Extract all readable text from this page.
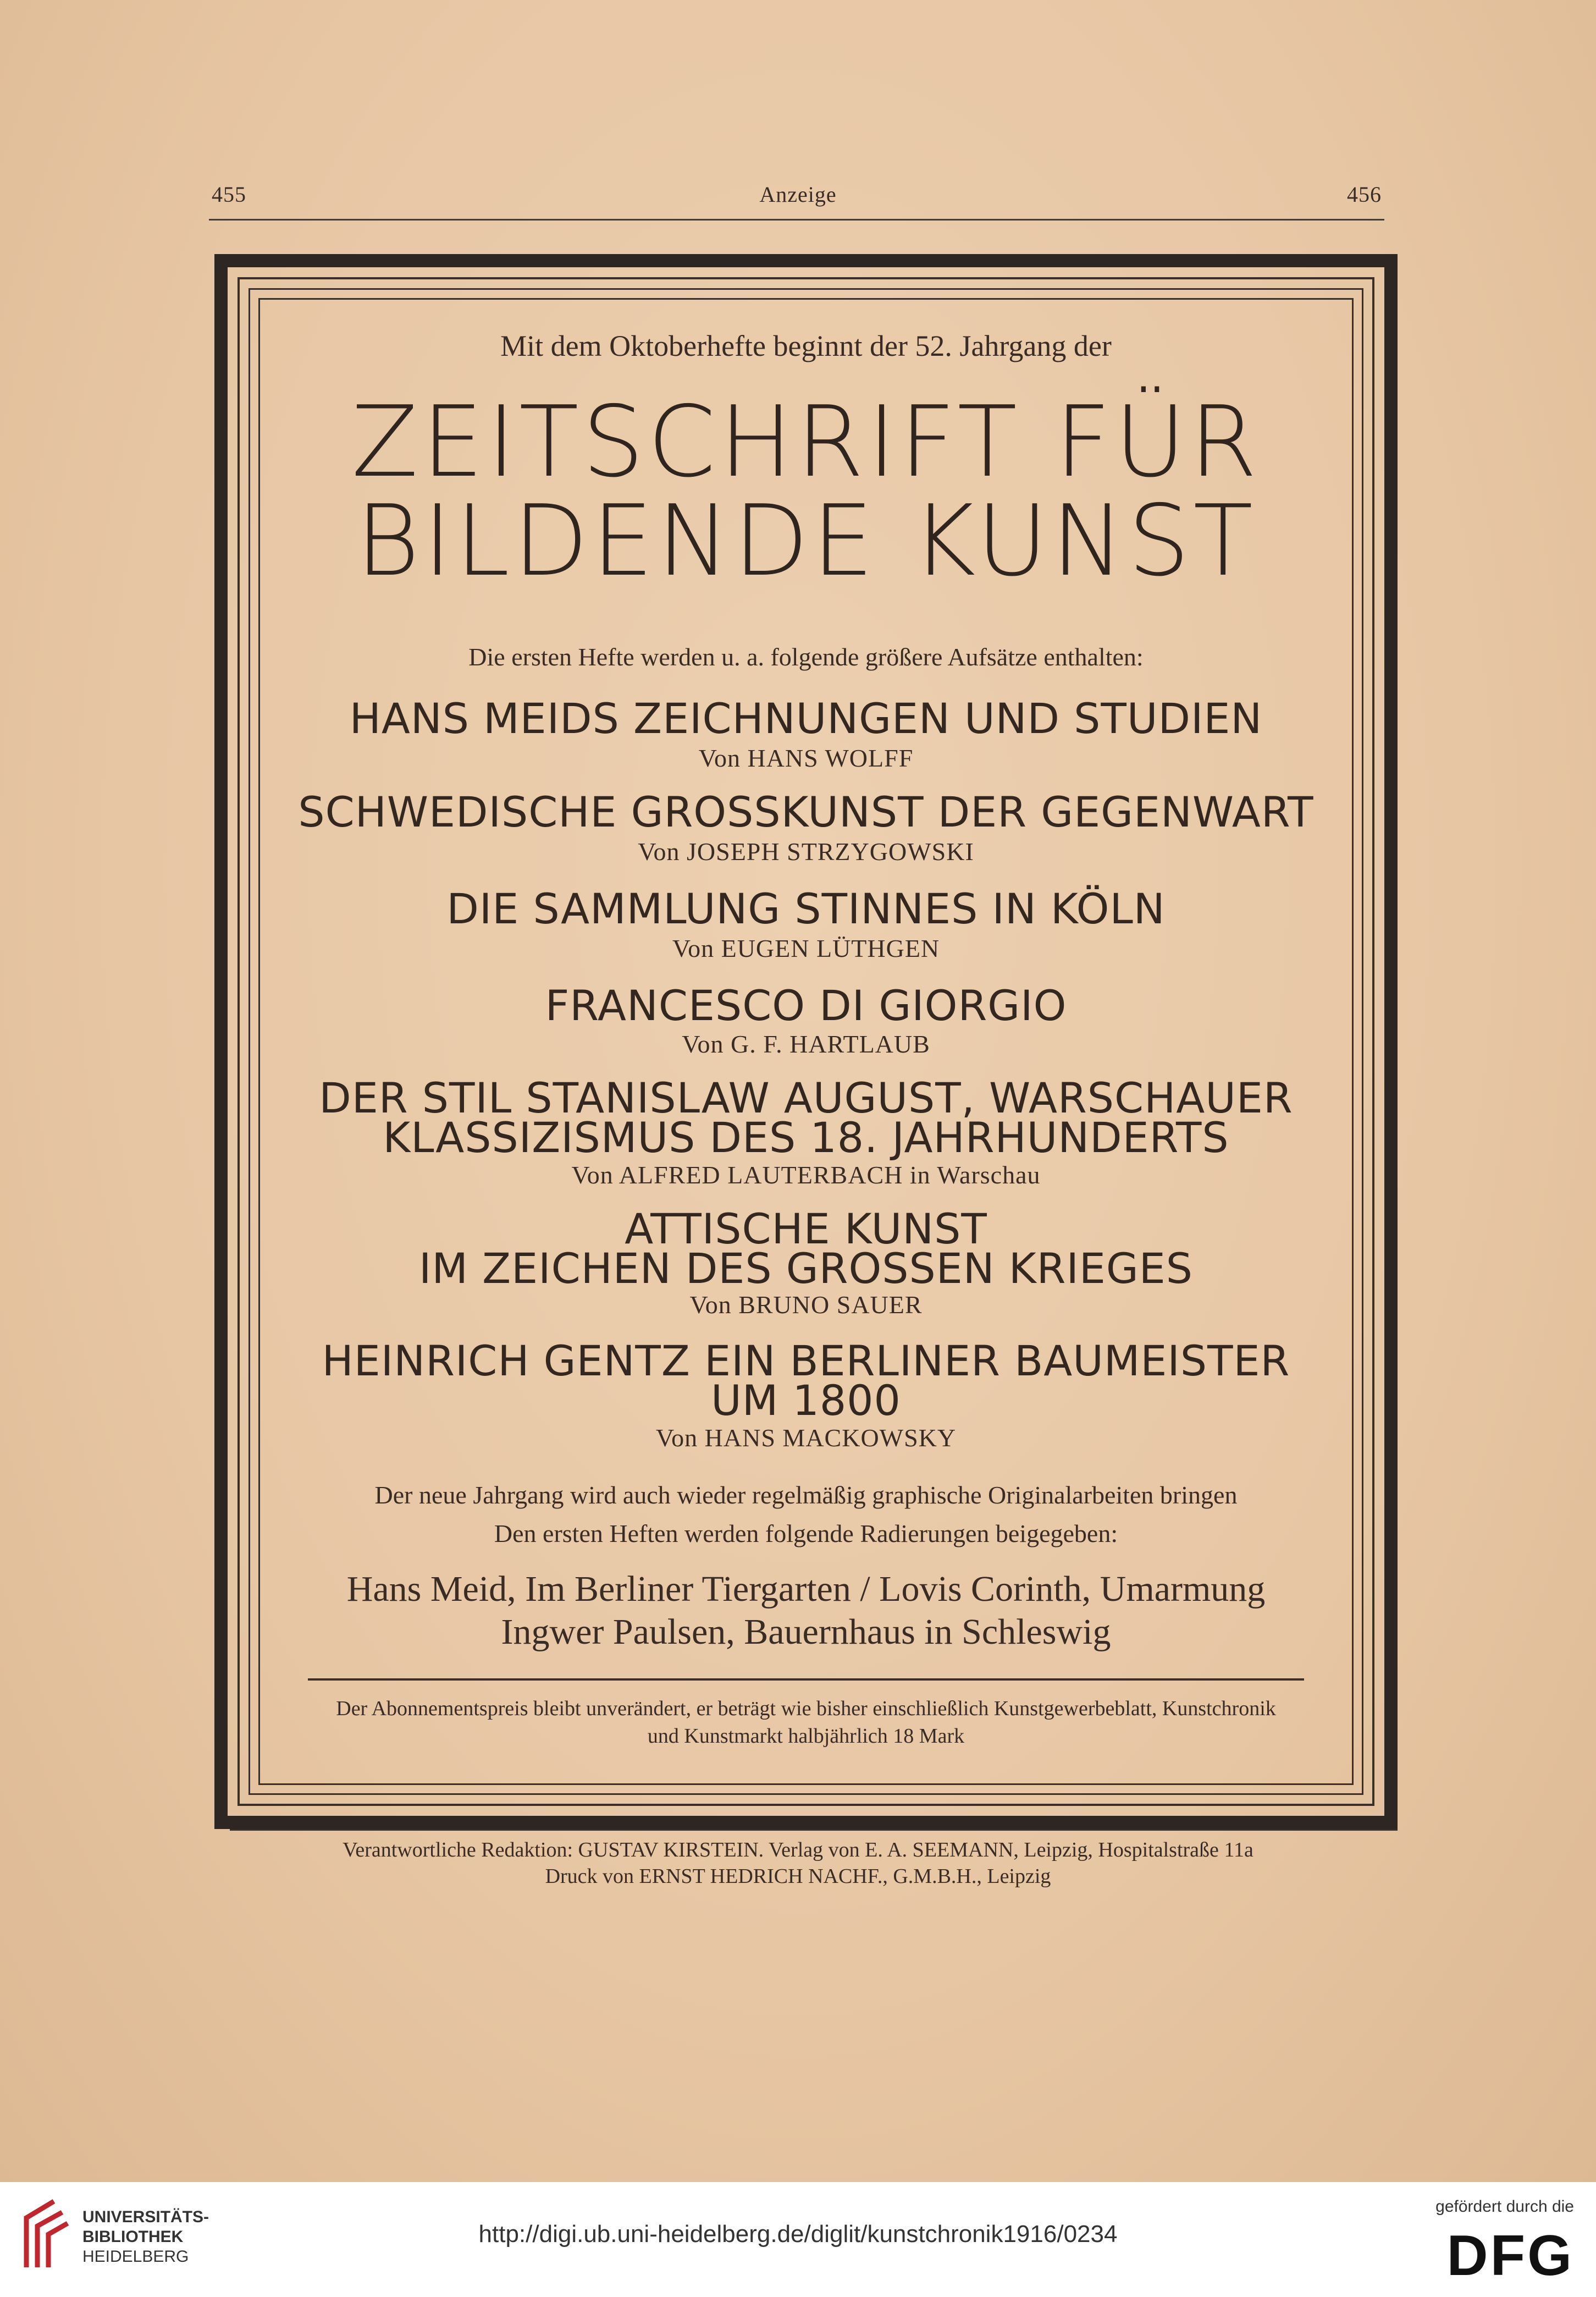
455	Anzeige	456
Mit dem Oktoberhefte beginnt der 52. Jahrgang der
ZEITSCHRIFT FÜR
BILDENDE KUNST
Die ersten Hefte werden u. a. folgende größere Aufsätze enthalten:
HANS MEIDS ZEICHNUNGEN UND STUDIEN
Von HANS WOLFF
SCHWEDISCHE GROSSKUNST DER GEGENWART
Von JOSEPH STRZYGOWSKI
DIE SAMMLUNG STINNES IN KÖLN
Von EUGEN LÜTHGEN
FRANCESCO DI GIORGIO
Von G. F. HARTLAUB
DER STIL STANISLAW AUGUST, WARSCHAUER
KLASSIZISMUS DES 18. JAHRHUNDERTS
Von ALFRED LAUTERBACH in Warschau
ATTISCHE KUNST
IM ZEICHEN DES GROSSEN KRIEGES
Von BRUNO SAUER
HEINRICH GENTZ EIN BERLINER BAUMEISTER
UM 1800
Von HANS MACKOWSKY
Der neue Jahrgang wird auch wieder regelmäßig graphische Originalarbeiten bringen
Den ersten Heften werden folgende Radierungen beigegeben:
Hans Meid, Im Berliner Tiergarten / Lovis Corinth, Umarmung
Ingwer Paulsen, Bauernhaus in Schleswig
Der Abonnementspreis bleibt unverändert, er beträgt wie bisher einschließlich Kunstgewerbeblatt, Kunstchronik
und Kunstmarkt halbjährlich 18 Mark
Verantwortliche Redaktion: GUSTAV KIRSTEIN. Verlag von E. A. SEEMANN, Leipzig, Hospitalstraße 11a
Druck von ERNST HEDRICH NACHF., G.M.B.H., Leipzig
UNIVERSITÄTS-
BIBLIOTHEK
HEIDELBERG
http://digi.ub.uni-heidelberg.de/diglit/kunstchronik1916/0234
gefördert durch die
DFG
